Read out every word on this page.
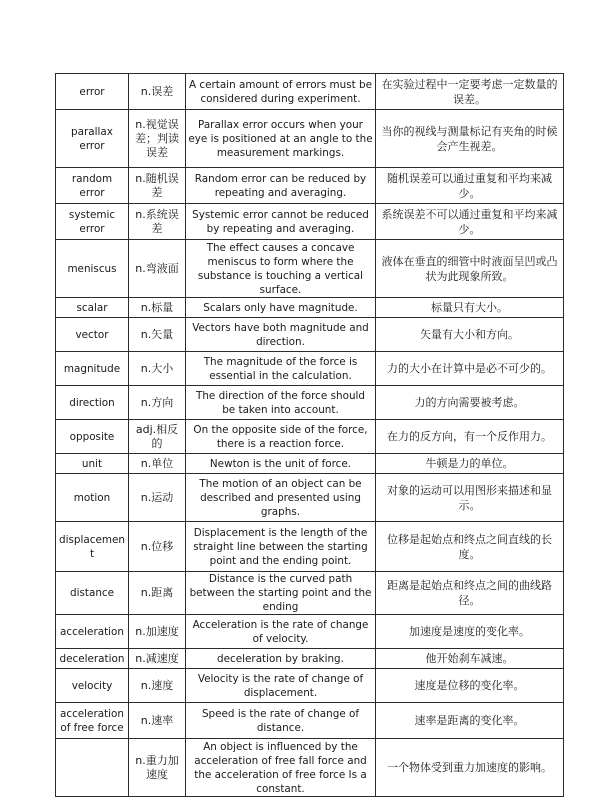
error	n.误差	A certain amount of errors must be considered during experiment.	在实验过程中一定要考虑一定数量的误差。
parallax error	n.视觉误差；判读误差	Parallax error occurs when your eye is positioned at an angle to the measurement markings.	当你的视线与测量标记有夹角的时候会产生视差。
random error	n.随机误差	Random error can be reduced by repeating and averaging.	随机误差可以通过重复和平均来减少。
systemic error	n.系统误差	Systemic error cannot be reduced by repeating and averaging.	系统误差不可以通过重复和平均来减少。
meniscus	n.弯液面	The effect causes a concave meniscus to form where the substance is touching a vertical surface.	液体在垂直的细管中时液面呈凹或凸状为此现象所致。
scalar	n.标量	Scalars only have magnitude.	标量只有大小。
vector	n.矢量	Vectors have both magnitude and direction.	矢量有大小和方向。
magnitude	n.大小	The magnitude of the force is essential in the calculation.	力的大小在计算中是必不可少的。
direction	n.方向	The direction of the force should be taken into account.	力的方向需要被考虑。
opposite	adj.相反的	On the opposite side of the force, there is a reaction force.	在力的反方向，有一个反作用力。
unit	n.单位	Newton is the unit of force.	牛顿是力的单位。
motion	n.运动	The motion of an object can be described and presented using graphs.	对象的运动可以用图形来描述和显示。
displacement	n.位移	Displacement is the length of the straight line between the starting point and the ending point.	位移是起始点和终点之间直线的长度。
distance	n.距离	Distance is the curved path between the starting point and the ending	距离是起始点和终点之间的曲线路径。
acceleration	n.加速度	Acceleration is the rate of change of velocity.	加速度是速度的变化率。
deceleration	n.减速度	deceleration by braking.	他开始刹车减速。
velocity	n.速度	Velocity is the rate of change of displacement.	速度是位移的变化率。
acceleration of free force	n.速率	Speed is the rate of change of distance.	速率是距离的变化率。
	n.重力加速度	An object is influenced by the acceleration of free fall force and the acceleration of free force Is a constant.	一个物体受到重力加速度的影响。
